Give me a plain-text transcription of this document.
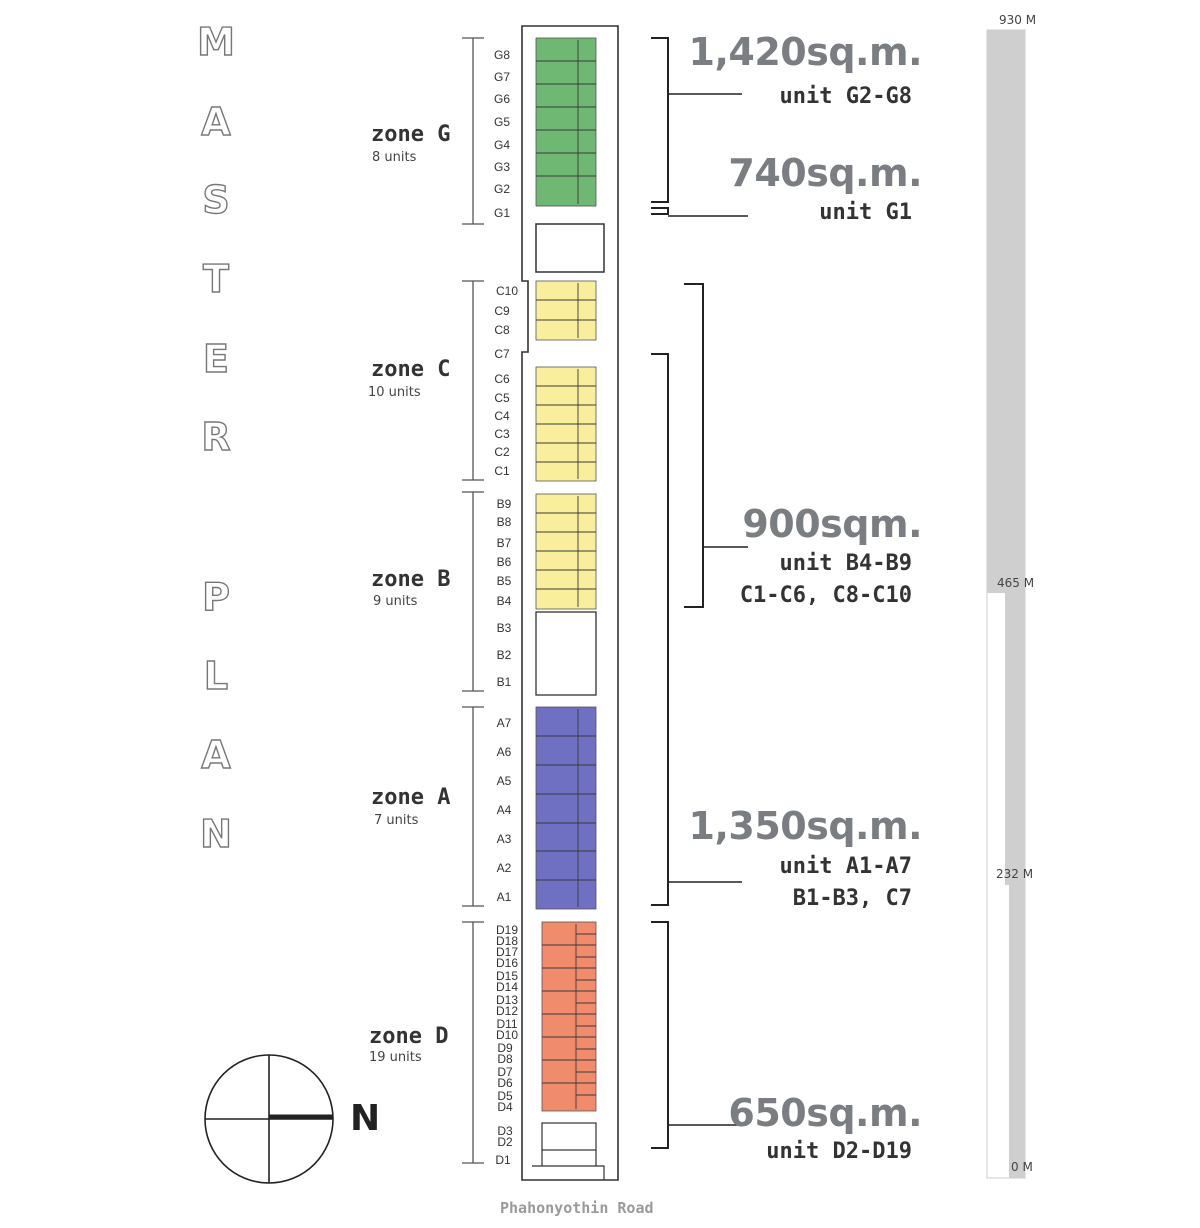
M
A
S
T
E
R
P
L
A
N
zone G
8 units
zone C
10 units
zone B
9 units
zone A
7 units
zone D
19 units
G8
G7
G6
G5
G4
G3
G2
G1
C10
C9
C8
C7
C6
C5
C4
C3
C2
C1
B9
B8
B7
B6
B5
B4
B3
B2
B1
A7
A6
A5
A4
A3
A2
A1
D19
D18
D17
D16
D15
D14
D13
D12
D11
D10
D9
D8
D7
D6
D5
D4
D3
D2
D1
1,420sq.m.
unit G2-G8
740sq.m.
unit G1
900sqm.
unit B4-B9
C1-C6, C8-C10
1,350sq.m.
unit A1-A7
B1-B3, C7
650sq.m.
unit D2-D19
930 M
465 M
232 M
0 M
N
Phahonyothin Road
